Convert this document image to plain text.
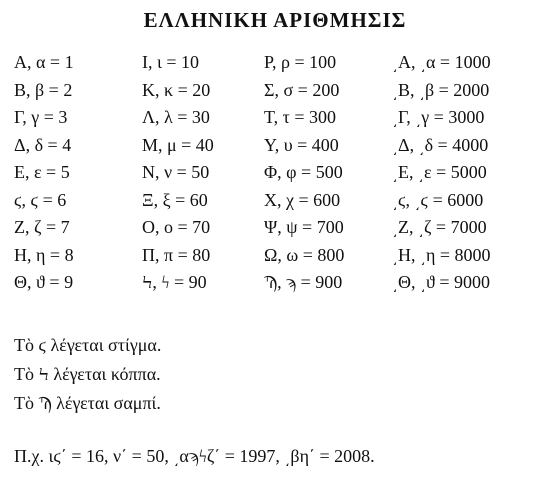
ΕΛΛΗΝΙΚΗ ΑΡΙΘΜΗΣΙΣ
Α, α = 1	Ι, ι = 10	Ρ, ρ = 100	͵Α, ͵α = 1000
Β, β = 2	Κ, κ = 20	Σ, σ = 200	͵Β, ͵β = 2000
Γ, γ = 3	Λ, λ = 30	Τ, τ = 300	͵Γ, ͵γ = 3000
Δ, δ = 4	Μ, μ = 40	Υ, υ = 400	͵Δ, ͵δ = 4000
Ε, ε = 5	Ν, ν = 50	Φ, φ = 500	͵Ε, ͵ε = 5000
ϛ, ϛ = 6	Ξ, ξ = 60	Χ, χ = 600	͵ϛ, ͵ϛ = 6000
Ζ, ζ = 7	Ο, ο = 70	Ψ, ψ = 700	͵Ζ, ͵ζ = 7000
Η, η = 8	Π, π = 80	Ω, ω = 800	͵Η, ͵η = 8000
Θ, ϑ = 9	Ϟ, ϟ = 90	Ϡ, ϡ = 900	͵Θ, ͵ϑ = 9000
Τὸ ϛ λέγεται στίγμα.
Τὸ Ϟ λέγεται κόππα.
Τὸ Ϡ λέγεται σαμπί.
Π.χ. ιϛ΄ = 16, ν΄ = 50, ͵αϡϟζ΄ = 1997, ͵βη΄ = 2008.
